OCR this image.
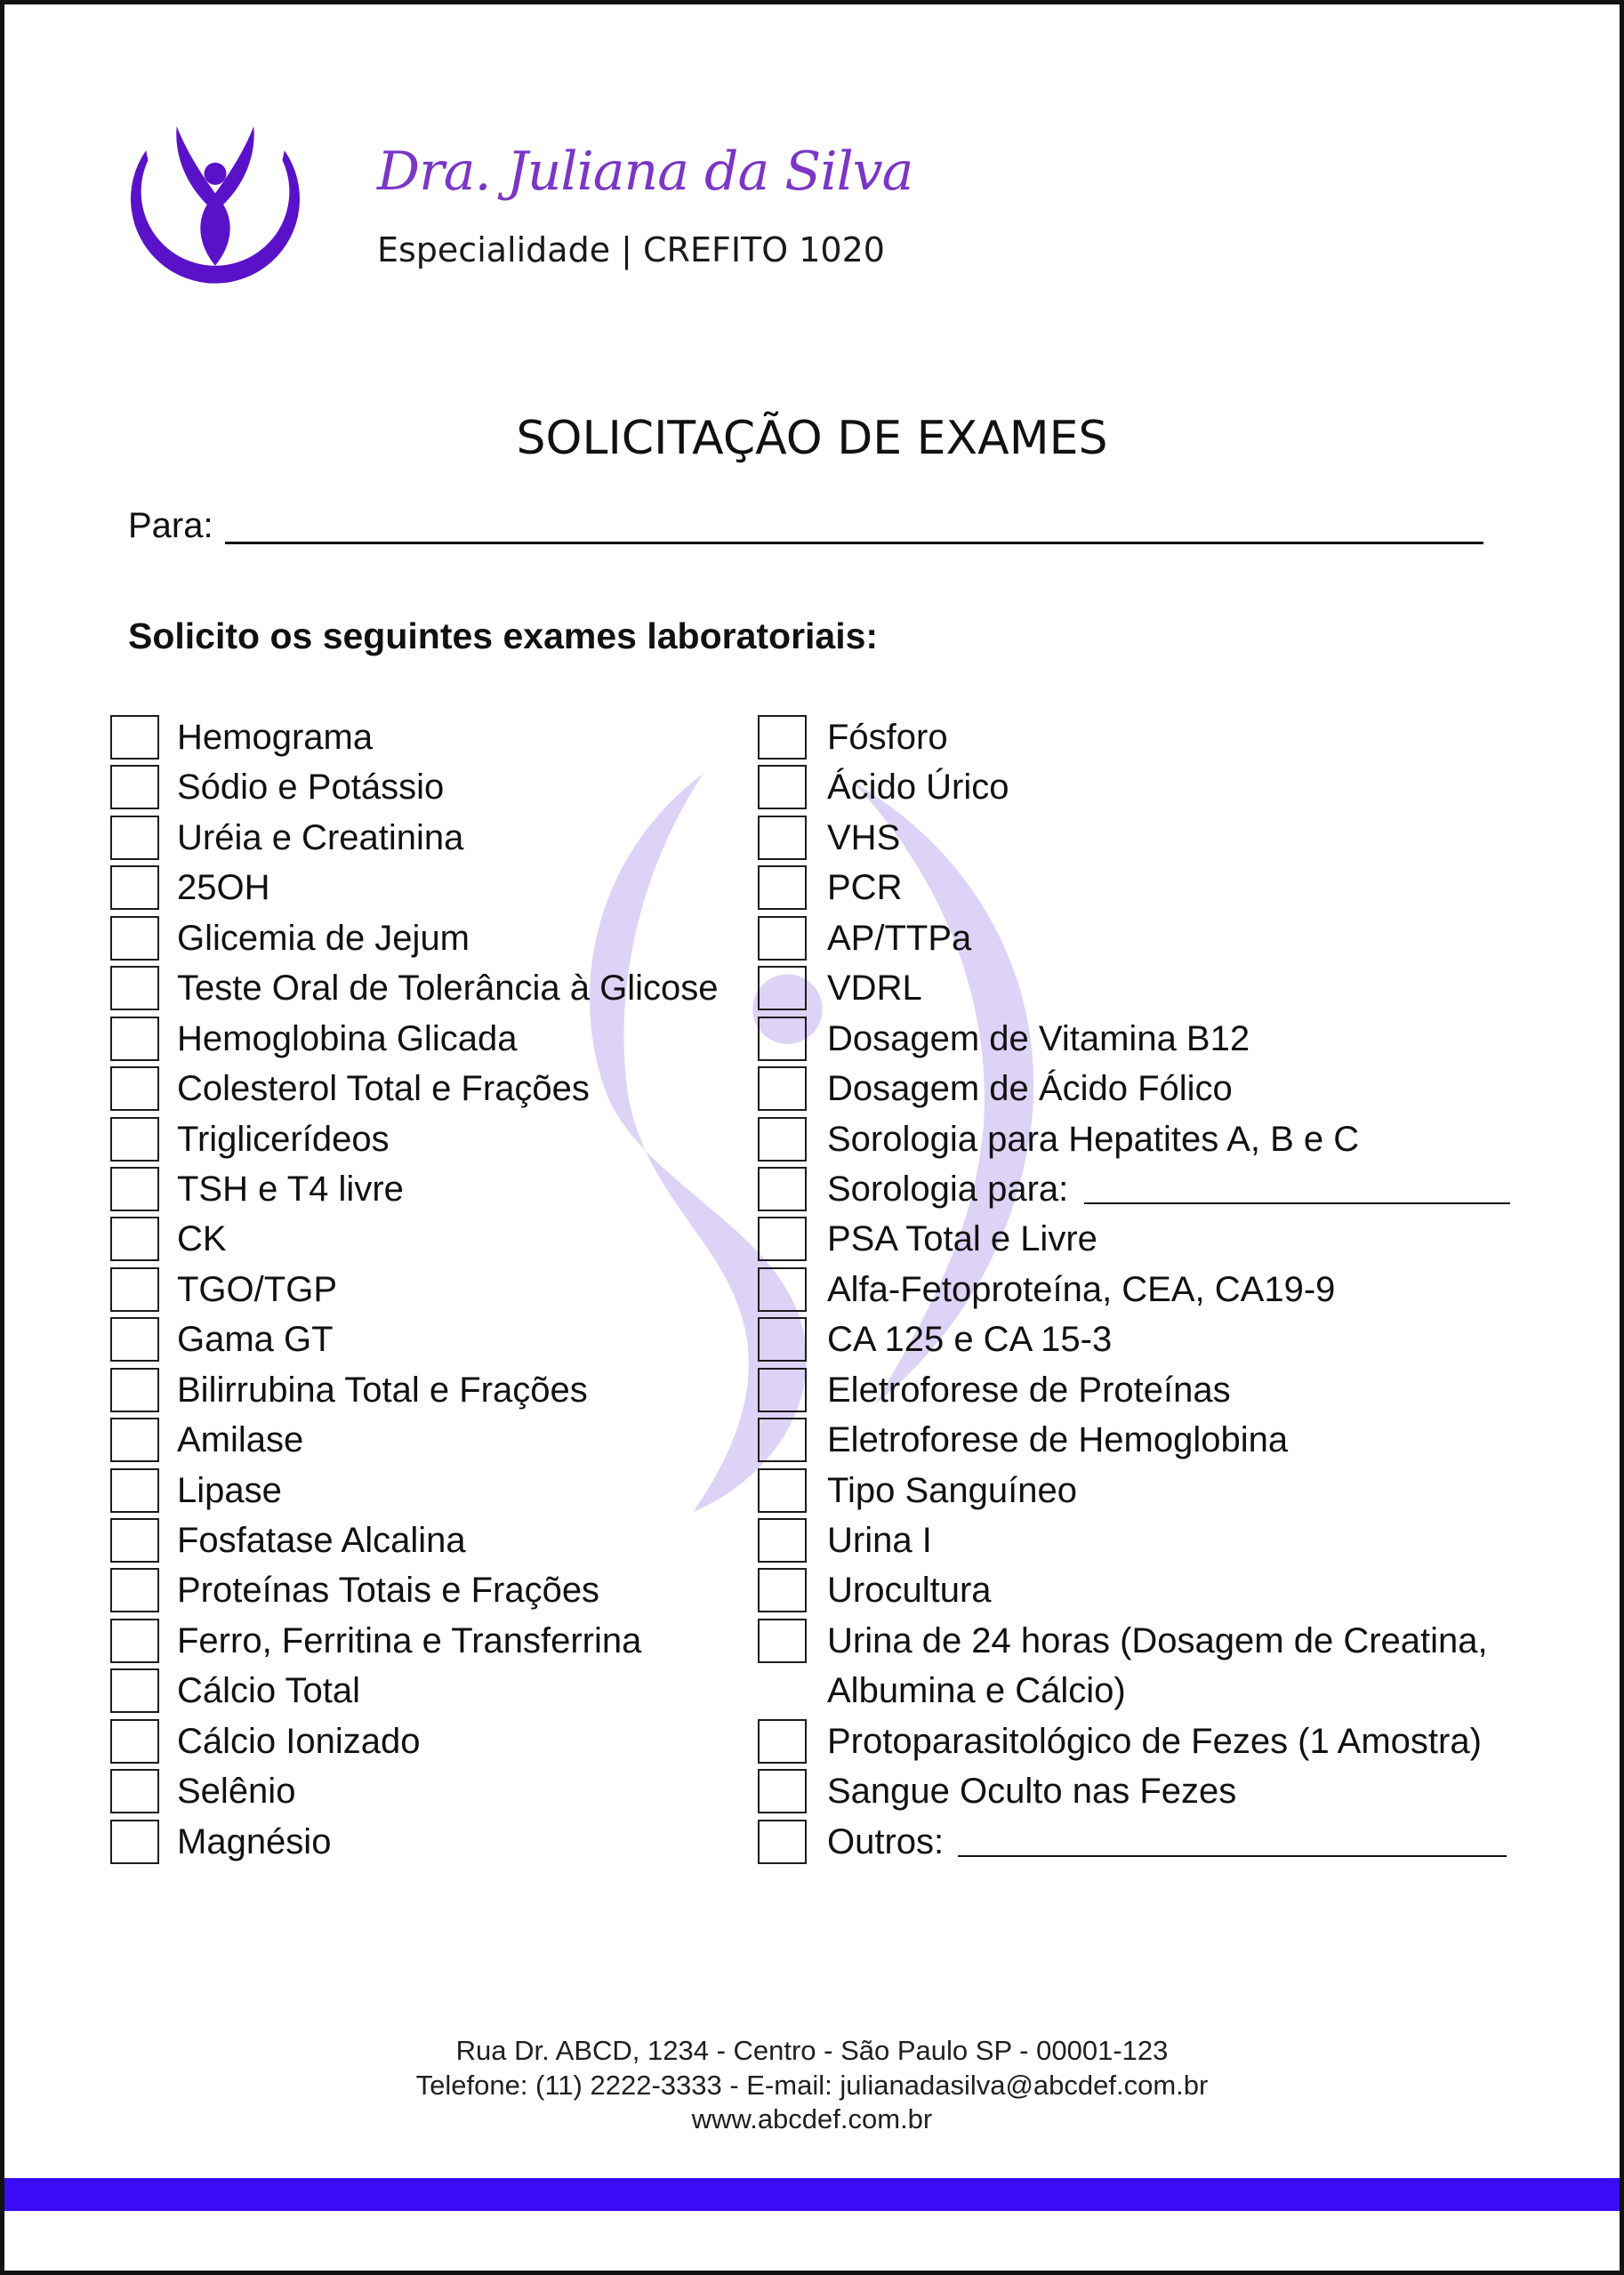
Dra. Juliana da Silva
Especialidade | CREFITO 1020
SOLICITAÇÃO DE EXAMES
Para:
Solicito os seguintes exames laboratoriais:
Hemograma
Sódio e Potássio
Uréia e Creatinina
25OH
Glicemia de Jejum
Teste Oral de Tolerância à Glicose
Hemoglobina Glicada
Colesterol Total e Frações
Triglicerídeos
TSH e T4 livre
CK
TGO/TGP
Gama GT
Bilirrubina Total e Frações
Amilase
Lipase
Fosfatase Alcalina
Proteínas Totais e Frações
Ferro, Ferritina e Transferrina
Cálcio Total
Cálcio Ionizado
Selênio
Magnésio
Fósforo
Ácido Úrico
VHS
PCR
AP/TTPa
VDRL
Dosagem de Vitamina B12
Dosagem de Ácido Fólico
Sorologia para Hepatites A, B e C
Sorologia para:
PSA Total e Livre
Alfa-Fetoproteína, CEA, CA19-9
CA 125 e CA 15-3
Eletroforese de Proteínas
Eletroforese de Hemoglobina
Tipo Sanguíneo
Urina I
Urocultura
Urina de 24 horas (Dosagem de Creatina, Albumina e Cálcio)
Protoparasitológico de Fezes (1 Amostra)
Sangue Oculto nas Fezes
Outros:
Rua Dr. ABCD, 1234 - Centro - São Paulo SP - 00001-123
Telefone: (11) 2222-3333 - E-mail: julianadasilva@abcdef.com.br
www.abcdef.com.br
